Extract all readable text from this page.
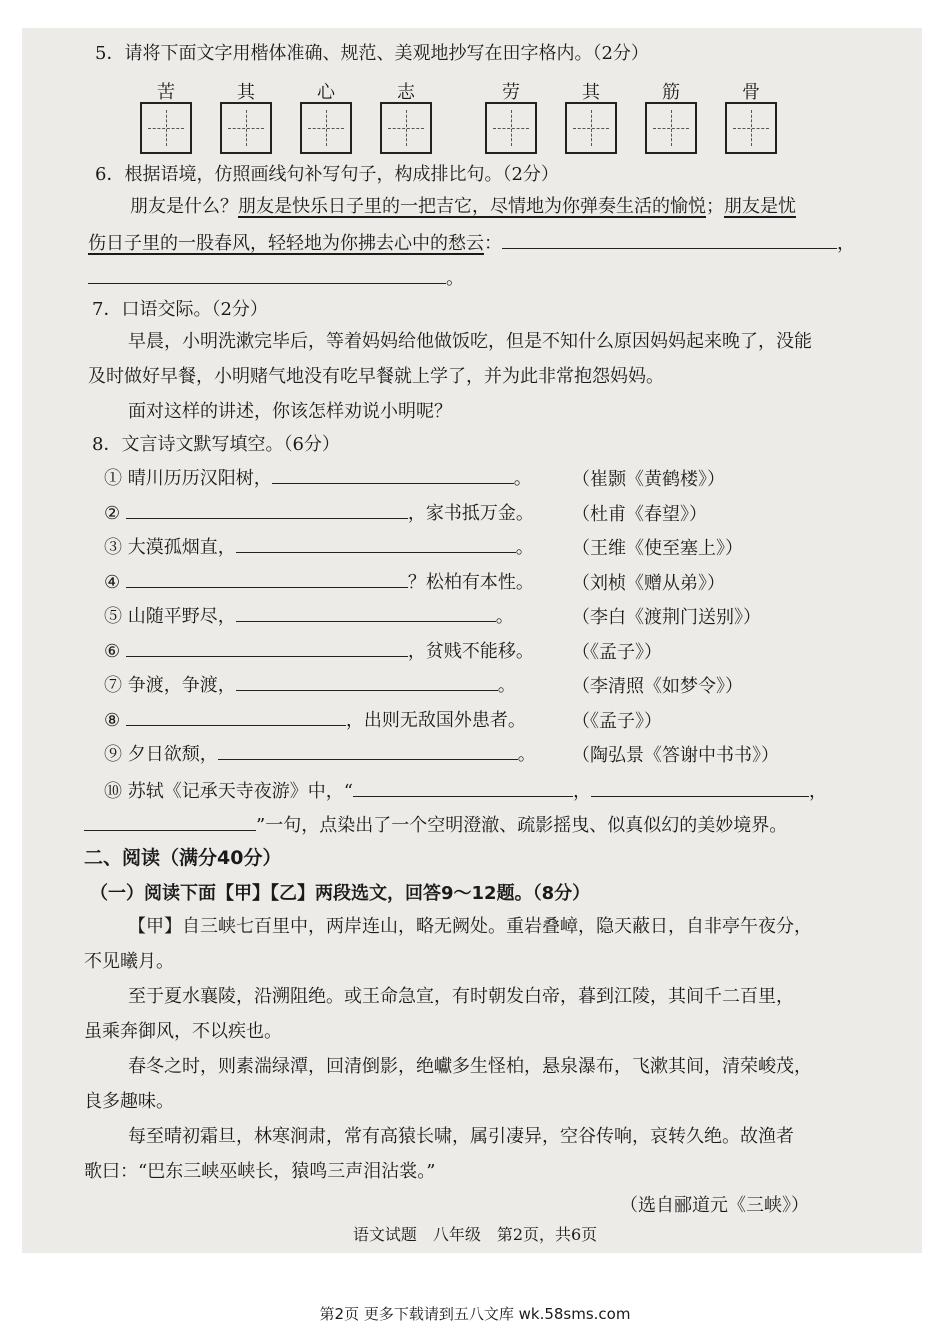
5．请将下面文字用楷体准确、规范、美观地抄写在田字格内。（2分）
苦	其	心	志	劳	其	筋	骨
6．根据语境，仿照画线句补写句子，构成排比句。（2分）
朋友是什么？朋友是快乐日子里的一把吉它，尽情地为你弹奏生活的愉悦；朋友是忧
伤日子里的一股春风，轻轻地为你拂去心中的愁云：	，
。
7．口语交际。（2分）
早晨，小明洗漱完毕后，等着妈妈给他做饭吃，但是不知什么原因妈妈起来晚了，没能
及时做好早餐，小明赌气地没有吃早餐就上学了，并为此非常抱怨妈妈。
面对这样的讲述，你该怎样劝说小明呢？
8．文言诗文默写填空。（6分）
① 晴川历历汉阳树，	。 （崔颢《黄鹤楼》）
②	，家书抵万金。 （杜甫《春望》）
③ 大漠孤烟直，	。 （王维《使至塞上》）
④	？松柏有本性。 （刘桢《赠从弟》）
⑤ 山随平野尽，	。	（李白《渡荆门送别》）
⑥	，贫贱不能移。 （《孟子》）
⑦ 争渡，争渡，	。	（李清照《如梦令》）
⑧	，出则无敌国外患者。	（《孟子》）
⑨ 夕日欲颓，	。 （陶弘景《答谢中书书》）
⑩ 苏轼《记承天寺夜游》中，“	，	，
”一句，点染出了一个空明澄澈、疏影摇曳、似真似幻的美妙境界。
二、阅读（满分40分）
（一）阅读下面【甲】【乙】两段选文，回答9～12题。（8分）
【甲】自三峡七百里中，两岸连山，略无阙处。重岩叠嶂，隐天蔽日，自非亭午夜分，
不见曦月。
至于夏水襄陵，沿溯阻绝。或王命急宣，有时朝发白帝，暮到江陵，其间千二百里，
虽乘奔御风，不以疾也。
春冬之时，则素湍绿潭，回清倒影，绝巘多生怪柏，悬泉瀑布，飞漱其间，清荣峻茂，
良多趣味。
每至晴初霜旦，林寒涧肃，常有高猿长啸，属引凄异，空谷传响，哀转久绝。故渔者
歌曰：“巴东三峡巫峡长，猿鸣三声泪沾裳。”
（选自郦道元《三峡》）
语文试题　八年级　第2页，共6页
第2页 更多下载请到五八文库 wk.58sms.com
